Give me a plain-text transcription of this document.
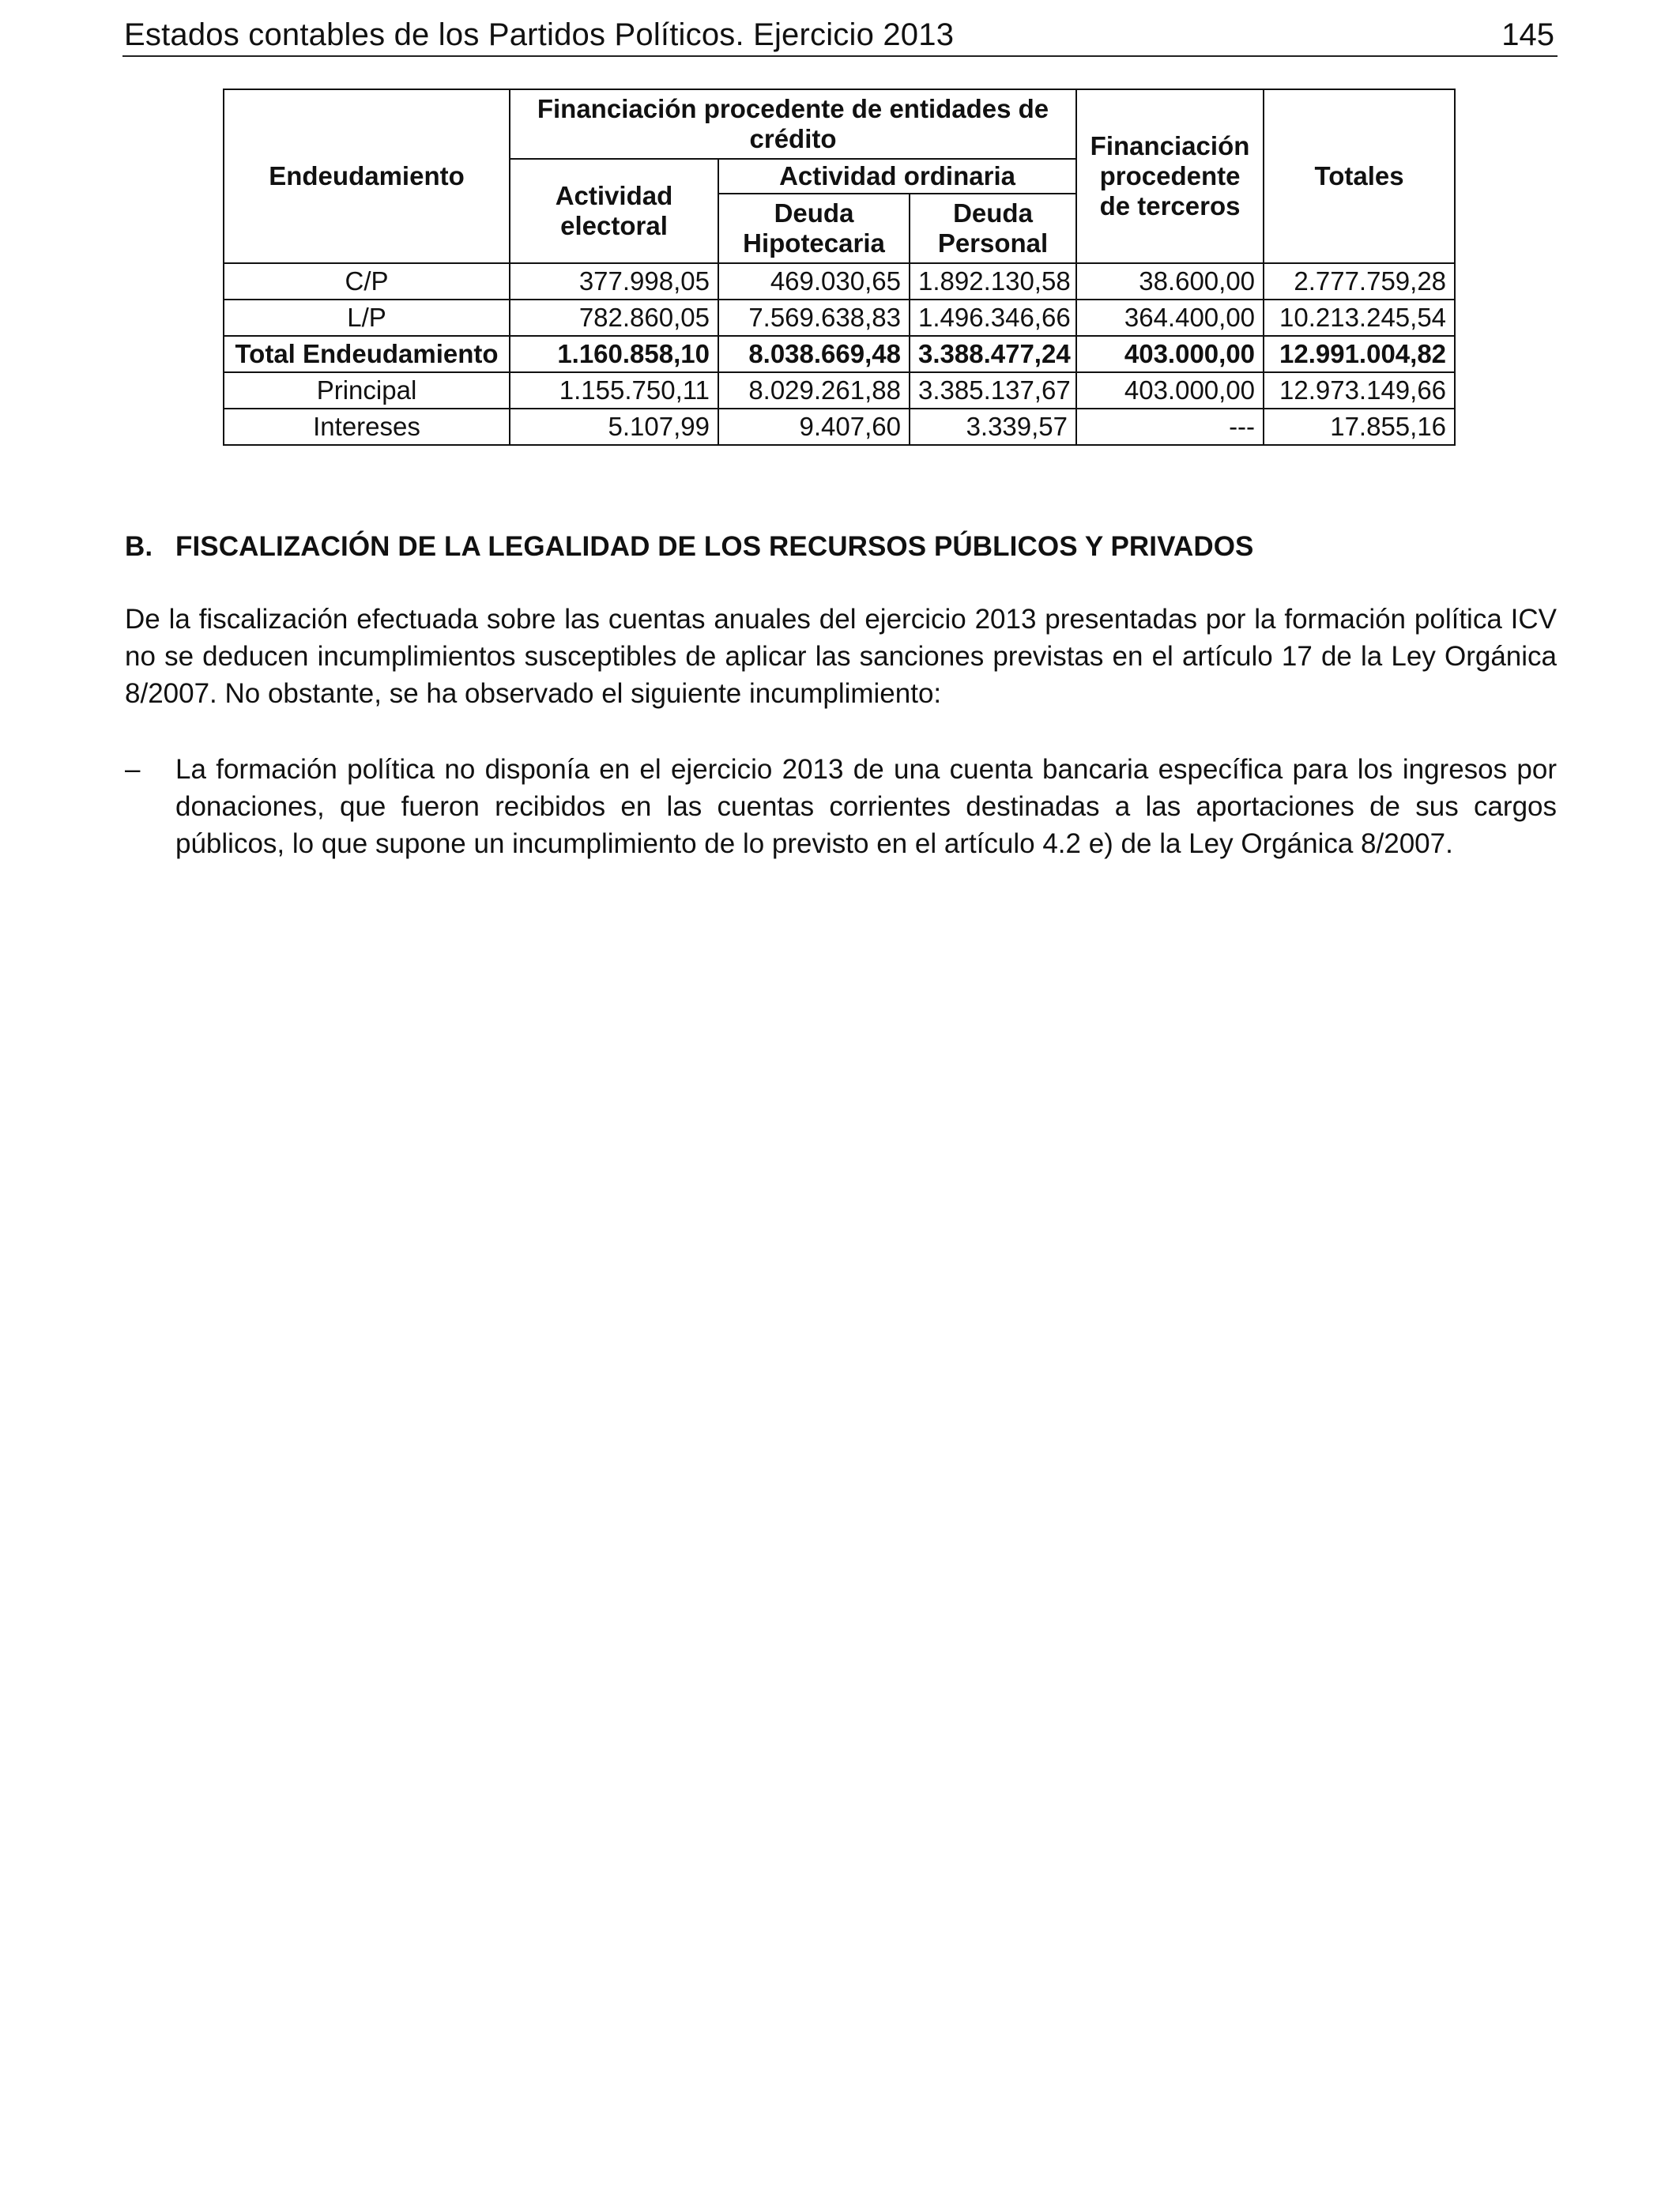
Estados contables de los Partidos Políticos. Ejercicio 2013	145
Endeudamiento	Financiación procedente de entidades de crédito			Financiación procedente de terceros	Totales
	Actividad electoral	Actividad ordinaria			
		Deuda Hipotecaria	Deuda Personal		

C/P	377.998,05	469.030,65	1.892.130,58	38.600,00	2.777.759,28
L/P	782.860,05	7.569.638,83	1.496.346,66	364.400,00	10.213.245,54
Total Endeudamiento	1.160.858,10	8.038.669,48	3.388.477,24	403.000,00	12.991.004,82
Principal	1.155.750,11	8.029.261,88	3.385.137,67	403.000,00	12.973.149,66
Intereses	5.107,99	9.407,60	3.339,57	---	17.855,16
B. FISCALIZACIÓN DE LA LEGALIDAD DE LOS RECURSOS PÚBLICOS Y PRIVADOS
De la fiscalización efectuada sobre las cuentas anuales del ejercicio 2013 presentadas por la formación política ICV no se deducen incumplimientos susceptibles de aplicar las sanciones previstas en el artículo 17 de la Ley Orgánica 8/2007. No obstante, se ha observado el siguiente incumplimiento:
– La formación política no disponía en el ejercicio 2013 de una cuenta bancaria específica para los ingresos por donaciones, que fueron recibidos en las cuentas corrientes destinadas a las aportaciones de sus cargos públicos, lo que supone un incumplimiento de lo previsto en el artículo 4.2 e) de la Ley Orgánica 8/2007.
